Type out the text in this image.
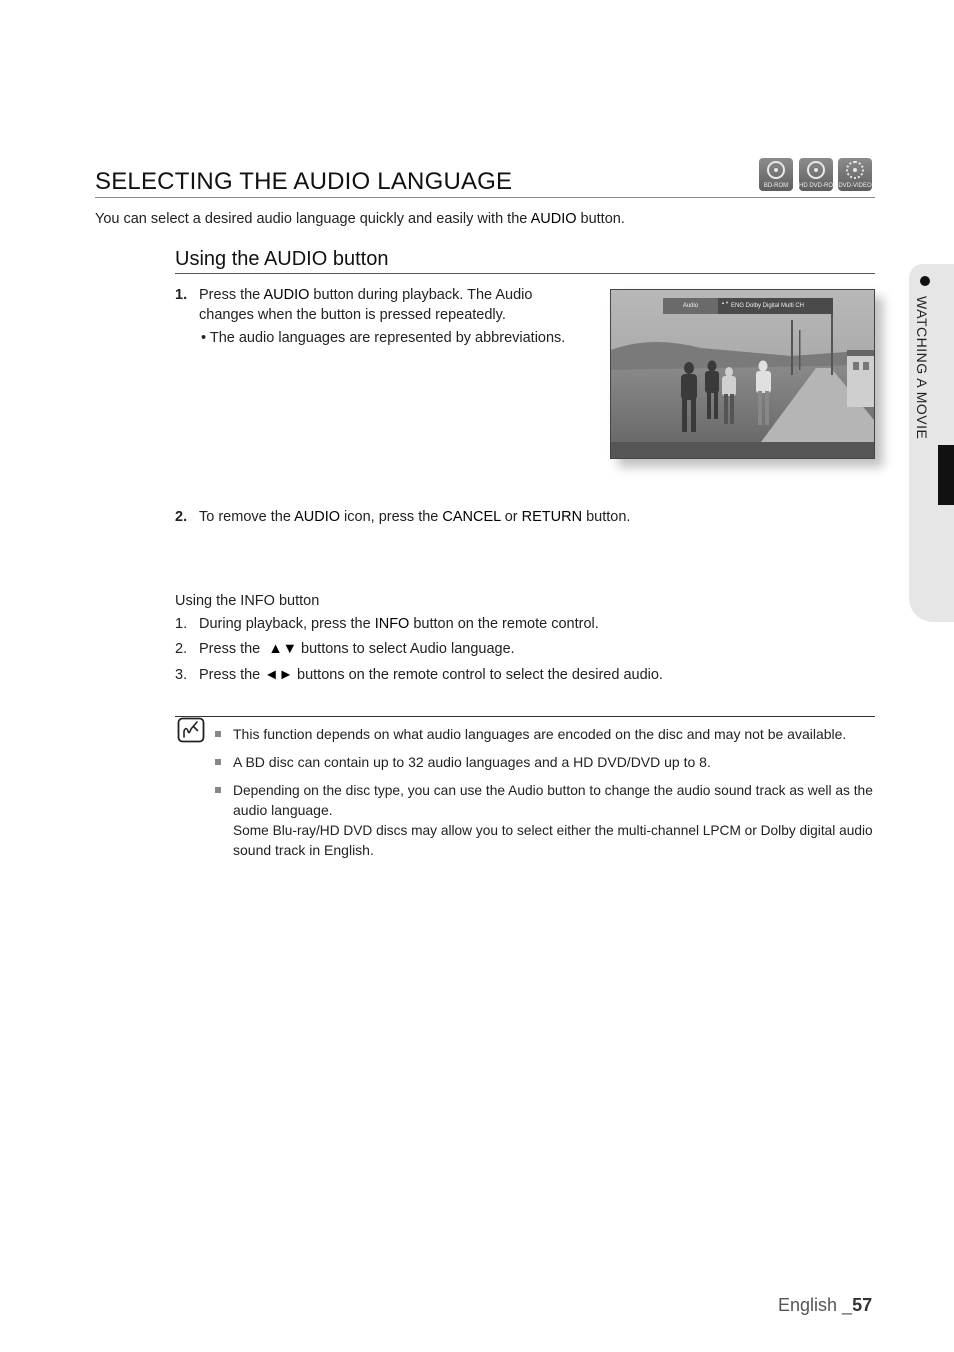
SELECTING THE AUDIO LANGUAGE	BD-ROM	HD DVD-ROM DVD-VIDEO
You can select a desired audio language quickly and easily with the AUDIO button.
Using the AUDIO button
1. Press the AUDIO button during playback. The Audio
changes when the button is pressed repeatedly.
• The audio languages are represented by abbreviations.
Audio
▲▼
ENG Dolby Digital Multi CH
2. To remove the AUDIO icon, press the CANCEL or RETURN button.
Using the INFO button
1. During playback, press the INFO button on the remote control.
2. Press the  ▲▼ buttons to select Audio language.
3. Press the ◄► buttons on the remote control to select the desired audio.
This function depends on what audio languages are encoded on the disc and may not be available.
A BD disc can contain up to 32 audio languages and a HD DVD/DVD up to 8.
Depending on the disc type, you can use the Audio button to change the audio sound track as well as the
audio language.
Some Blu-ray/HD DVD discs may allow you to select either the multi-channel LPCM or Dolby digital audio
sound track in English.
WATCHING A MOVIE
English _57
